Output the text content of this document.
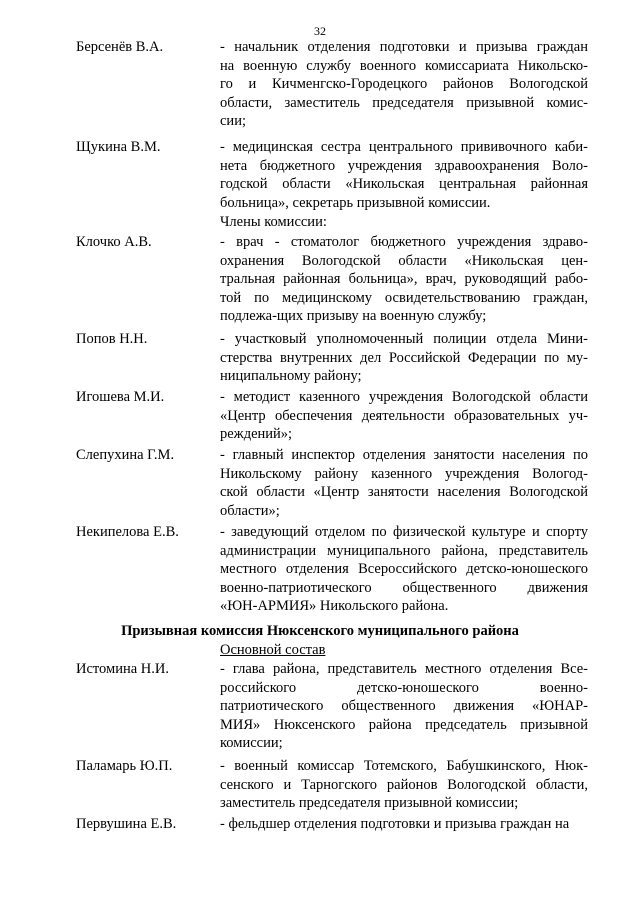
32
Берсенёв В.А.	- начальник отделения подготовки и призыва граждан
на военную службу военного комиссариата Никольско-
го и Кичменгско-Городецкого районов Вологодской
области, заместитель председателя призывной комис-
сии;
Щукина В.М.	- медицинская сестра центрального прививочного каби-
нета бюджетного учреждения здравоохранения Воло-
годской области «Никольская центральная районная
больница», секретарь призывной комиссии.
Члены комиссии:
Клочко А.В.	- врач - стоматолог бюджетного учреждения здраво-
охранения Вологодской области «Никольская цен-
тральная районная больница», врач, руководящий рабо-
той по медицинскому освидетельствованию граждан,
подлежа-щих призыву на военную службу;
Попов Н.Н.	- участковый уполномоченный полиции отдела Мини-
стерства внутренних дел Российской Федерации по му-
ниципальному району;
Игошева М.И.	- методист казенного учреждения Вологодской области
«Центр обеспечения деятельности образовательных уч-
реждений»;
Слепухина Г.М.	- главный инспектор отделения занятости населения по
Никольскому району казенного учреждения Вологод-
ской области «Центр занятости населения Вологодской
области»;
Некипелова Е.В.	- заведующий отделом по физической культуре и спорту
администрации муниципального района, представитель
местного отделения Всероссийского детско-юношеского
военно-патриотического общественного движения
«ЮН-АРМИЯ» Никольского района.
Призывная комиссия Нюксенского муниципального района
Основной состав
Истомина Н.И.	- глава района, представитель местного отделения Все-
российского детско-юношеского военно-
патриотического общественного движения «ЮНАР-
МИЯ» Нюксенского района председатель призывной
комиссии;
Паламарь Ю.П.	- военный комиссар Тотемского, Бабушкинского, Нюк-
сенского и Тарногского районов Вологодской области,
заместитель председателя призывной комиссии;
Первушина Е.В.	- фельдшер отделения подготовки и призыва граждан на
